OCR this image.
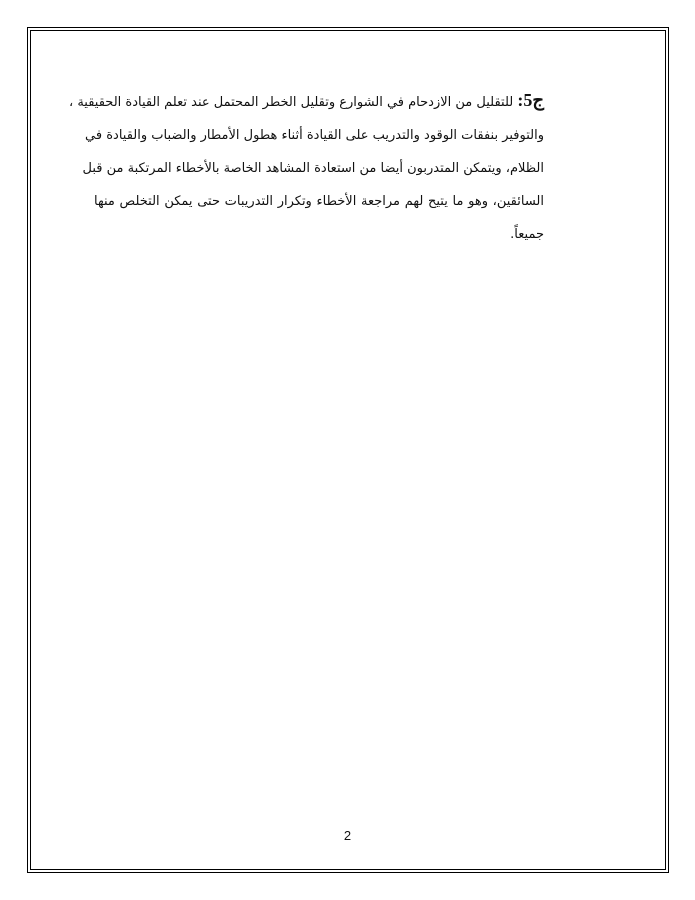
ج5: للتقليل من الازدحام في الشوارع وتقليل الخطر المحتمل عند تعلم القيادة الحقيقية ،
والتوفير بنفقات الوقود والتدريب على القيادة أثناء هطول الأمطار والضباب والقيادة في
الظلام، ويتمكن المتدربون أيضا من استعادة المشاهد الخاصة بالأخطاء المرتكبة من قبل
السائقين، وهو ما يتيح لهم مراجعة الأخطاء وتكرار التدريبات حتى يمكن التخلص منها
جميعاً.
2
